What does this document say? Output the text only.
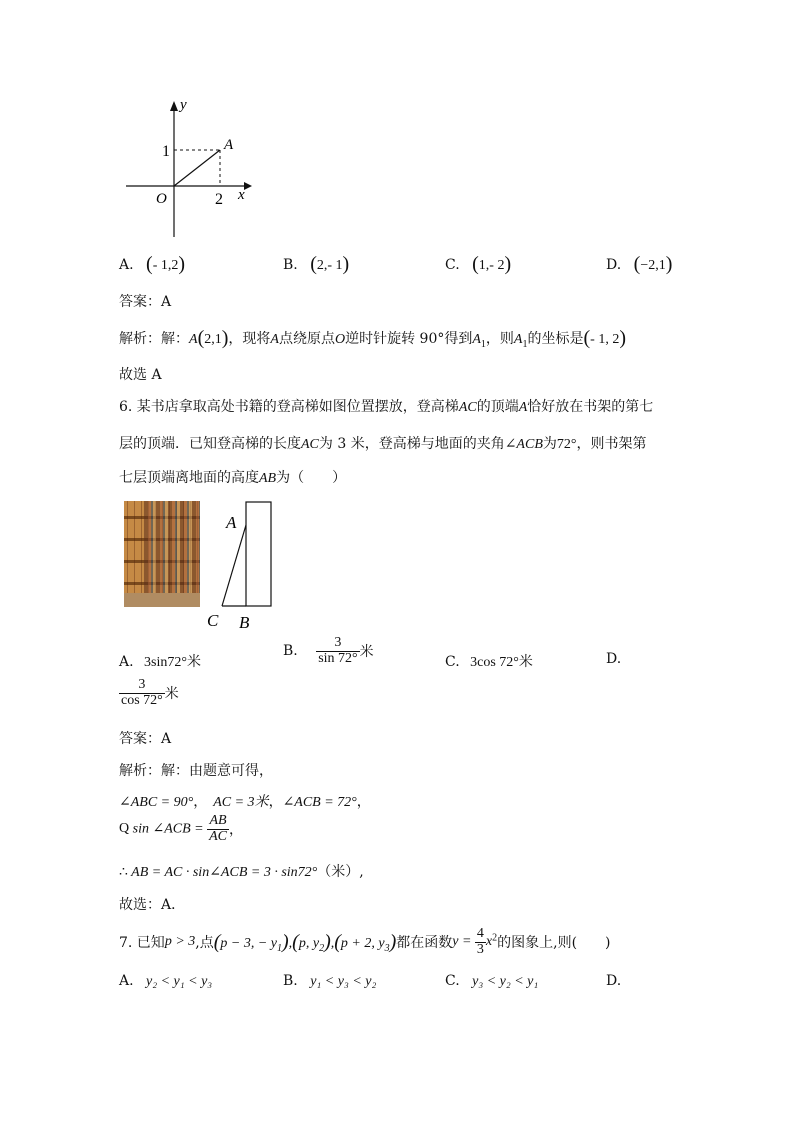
y
x
O
A
1
2
A. (- 1,2)	B. (2,- 1)	C. (1,- 2)	D. (−2,1)
答案：A
解析：解：A(2,1)，现将A点绕原点O逆时针旋转 90°得到$A_1$，则$A_1$的坐标是(- 1, 2)
故选 A
6. 某书店拿取高处书籍的登高梯如图位置摆放，登高梯AC的顶端A恰好放在书架的第七
层的顶端．已知登高梯的长度AC为 3 米，登高梯与地面的夹角∠ACB为72°，则书架第
七层顶端离地面的高度AB为（　　）
A
C B
A. 3sin72°米
B. $\frac{3}{\sin 72^\circ}$ 米
C. 3cos 72°米	D.
$\frac{3}{\cos 72^\circ}$ 米
答案：A
解析：解：由题意可得，
∠ABC = 90°， AC = 3米，∠ACB = 72°，
Q sin ∠ACB = $\frac{AB}{AC}$ ，
∴ AB = AC · sin∠ACB = 3 · sin72°（米）,
故选：A．
7. 已知p > 3,点(p − 3, − $y_1),(p$, $y_2),(p + 2$, $y_3$)都在函数$y = \frac{4}{3} x^2$的图象上,则(　　)
A. y₂ < y₁ < y₃	B. y₁ < y₃ < y₂	C. y₃ < y₂ < y₁	D.
